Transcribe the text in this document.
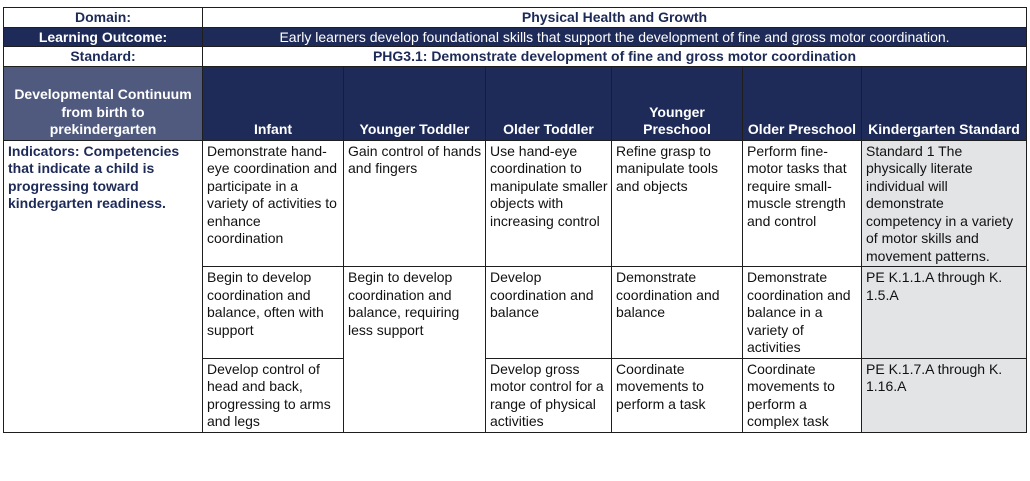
Domain:	Physical Health and Growth					
Learning Outcome:	Early learners develop foundational skills that support the development of fine and gross motor coordination.					
Standard:	PHG3.1: Demonstrate development of fine and gross motor coordination					
Developmental Continuum from birth to prekindergarten	Infant	Younger Toddler	Older Toddler	Younger Preschool	Older Preschool	Kindergarten Standard
Indicators: Competencies that indicate a child is progressing toward kindergarten readiness.	Demonstrate hand-eye coordination and participate in a variety of activities to enhance coordination	Gain control of hands and fingers	Use hand-eye coordination to manipulate smaller objects with increasing control	Refine grasp to manipulate tools and objects	Perform fine-motor tasks that require small-muscle strength and control	Standard 1 The physically literate individual will demonstrate competency in a variety of motor skills and movement patterns.
	Begin to develop coordination and balance, often with support	Begin to develop coordination and balance, requiring less support	Develop coordination and balance	Demonstrate coordination and balance	Demonstrate coordination and balance in a variety of activities	PE K.1.1.A through K. 1.5.A
	Develop control of head and back, progressing to arms and legs		Develop gross motor control for a range of physical activities	Coordinate movements to perform a task	Coordinate movements to perform a complex task	PE K.1.7.A through K. 1.16.A
